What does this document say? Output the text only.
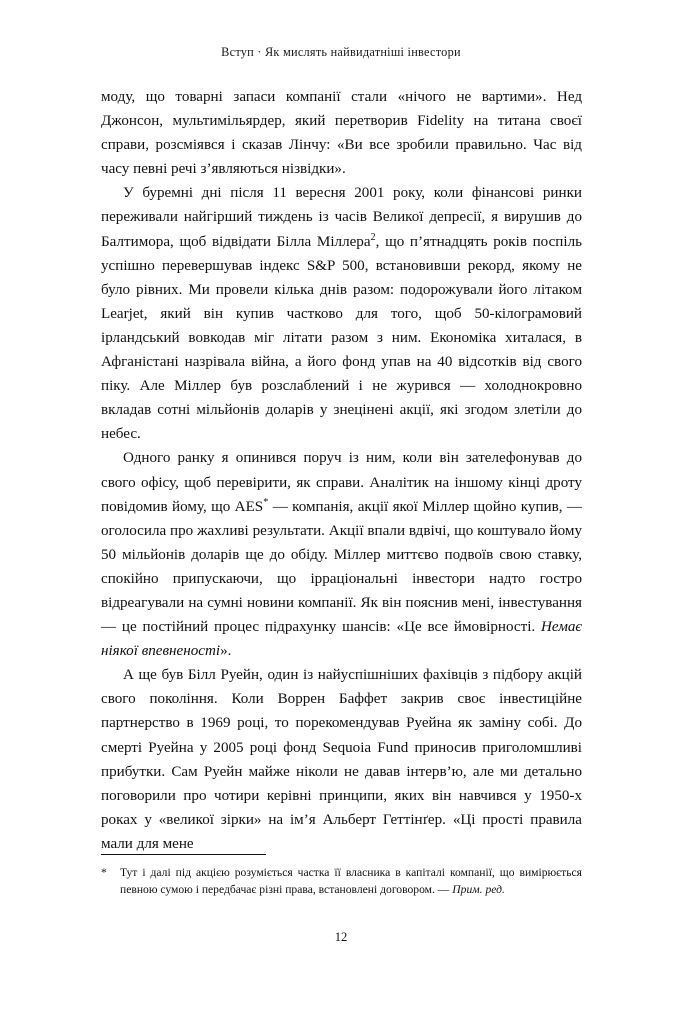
Вступ · Як мислять найвидатніші інвестори

моду, що товарні запаси компанії стали «нічого не вартими». Нед Джонсон, мультимільярдер, який перетворив Fidelity на титана своєї справи, розсміявся і сказав Лінчу: «Ви все зробили правильно. Час від часу певні речі з’являються нізвідки».

У буремні дні після 11 вересня 2001 року, коли фінансові ринки переживали найгірший тиждень із часів Великої депресії, я вирушив до Балтимора, щоб відвідати Білла Міллера$^2$, що п’ятнадцять років поспіль успішно перевершував індекс S&P 500, встановивши рекорд, якому не було рівних. Ми провели кілька днів разом: подорожували його літаком Learjet, який він купив частково для того, щоб 50-кілограмовий ірландський вовкодав міг літати разом з ним. Економіка хиталася, в Афганістані назрівала війна, а його фонд упав на 40 відсотків від свого піку. Але Міллер був розслаблений і не журився — холоднокровно вкладав сотні мільйонів доларів у знецінені акції, які згодом злетіли до небес.

Одного ранку я опинився поруч із ним, коли він зателефонував до свого офісу, щоб перевірити, як справи. Аналітик на іншому кінці дроту повідомив йому, що AES* — компанія, акції якої Міллер щойно купив, — оголосила про жахливі результати. Акції впали вдвічі, що коштувало йому 50 мільйонів доларів ще до обіду. Міллер миттєво подвоїв свою ставку, спокійно припускаючи, що ірраціональні інвестори надто гостро відреагували на сумні новини компанії. Як він пояснив мені, інвестування — це постійний процес підрахунку шансів: «Це все ймовірності. Немає ніякої впевненості».

А ще був Білл Руейн, один із найуспішніших фахівців з підбору акцій свого покоління. Коли Воррен Баффет закрив своє інвестиційне партнерство в 1969 році, то порекомендував Руейна як заміну собі. До смерті Руейна у 2005 році фонд Sequoia Fund приносив приголомшливі прибутки. Сам Руейн майже ніколи не давав інтерв’ю, але ми детально поговорили про чотири керівні принципи, яких він навчився у 1950-х роках у «великої зірки» на ім’я Альберт Геттінґер. «Ці прості правила мали для мене

*	Тут і далі під акцією розуміється частка її власника в капіталі компанії, що вимірюється певною сумою і передбачає різні права, встановлені договором. — Прим. ред.
12
